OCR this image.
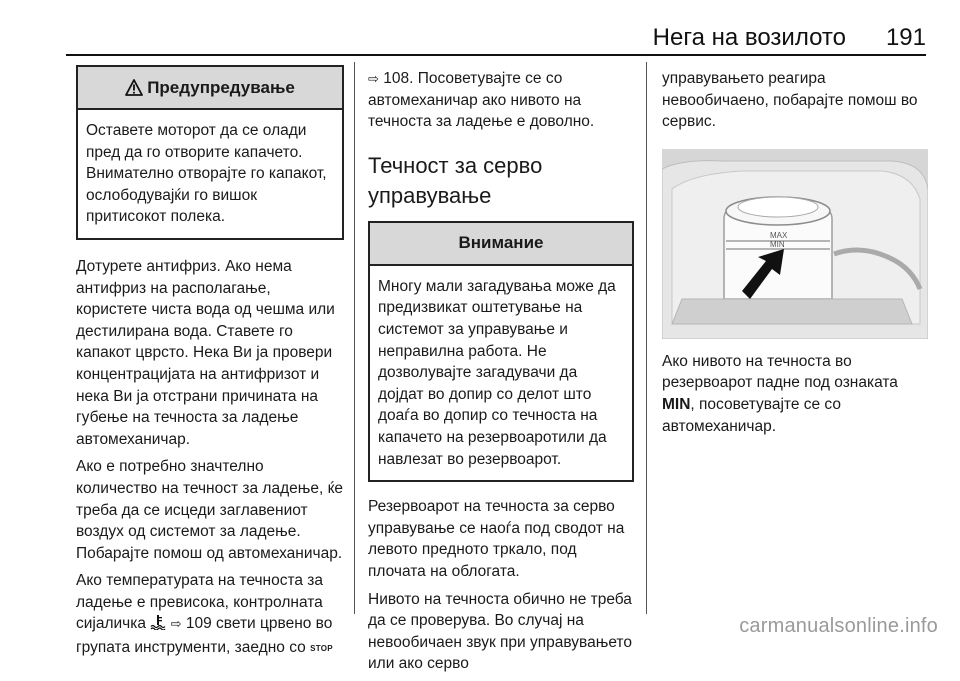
Нега на возилото 191
Предупредување
Оставете моторот да се олади пред да го отворите капачето. Внимателно отворајте го капакот, ослободувајќи го вишок притисокот полека.

Дотурете антифриз. Ако нема антифриз на располагање, користете чиста вода од чешма или дестилирана вода. Ставете го капакот цврсто. Нека Ви ја провери концентрацијата на антифризот и нека Ви ја отстрани причината на губење на течноста за ладење автомеханичар.

Ако е потребно значтелно количество на течност за ладење, ќе треба да се исцеди заглавениот воздух од системот за ладење. Побарајте помош од автомеханичар.

Ако температурата на течноста за ладење е превисока, контролната сијаличка ⇨ 109 свети црвено во групата инструменти, заедно со STOP

⇨ 108. Посоветувајте се со автомеханичар ако нивото на течноста за ладење е доволно.

Течност за серво управување
Внимание
Многу мали загадувања може да предизвикат оштетување на системот за управување и неправилна работа. Не дозволувајте загадувачи да дојдат во допир со делот што доаѓа во допир со течноста на капачето на резервоаротили да навлезат во резервоарот.

Резервоарот на течноста за серво управување се наоѓа под сводот на левото предното тркало, под плочата на облогата.

Нивото на течноста обично не треба да се проверува. Во случај на невообичаен звук при управувањето или ако серво

управувањето реагира невообичаено, побарајте помош во сервис.

MAX
MIN

Ако нивото на течноста во резервоарот падне под ознаката MIN, посоветувајте се со автомеханичар.

carmanualsonline.info
